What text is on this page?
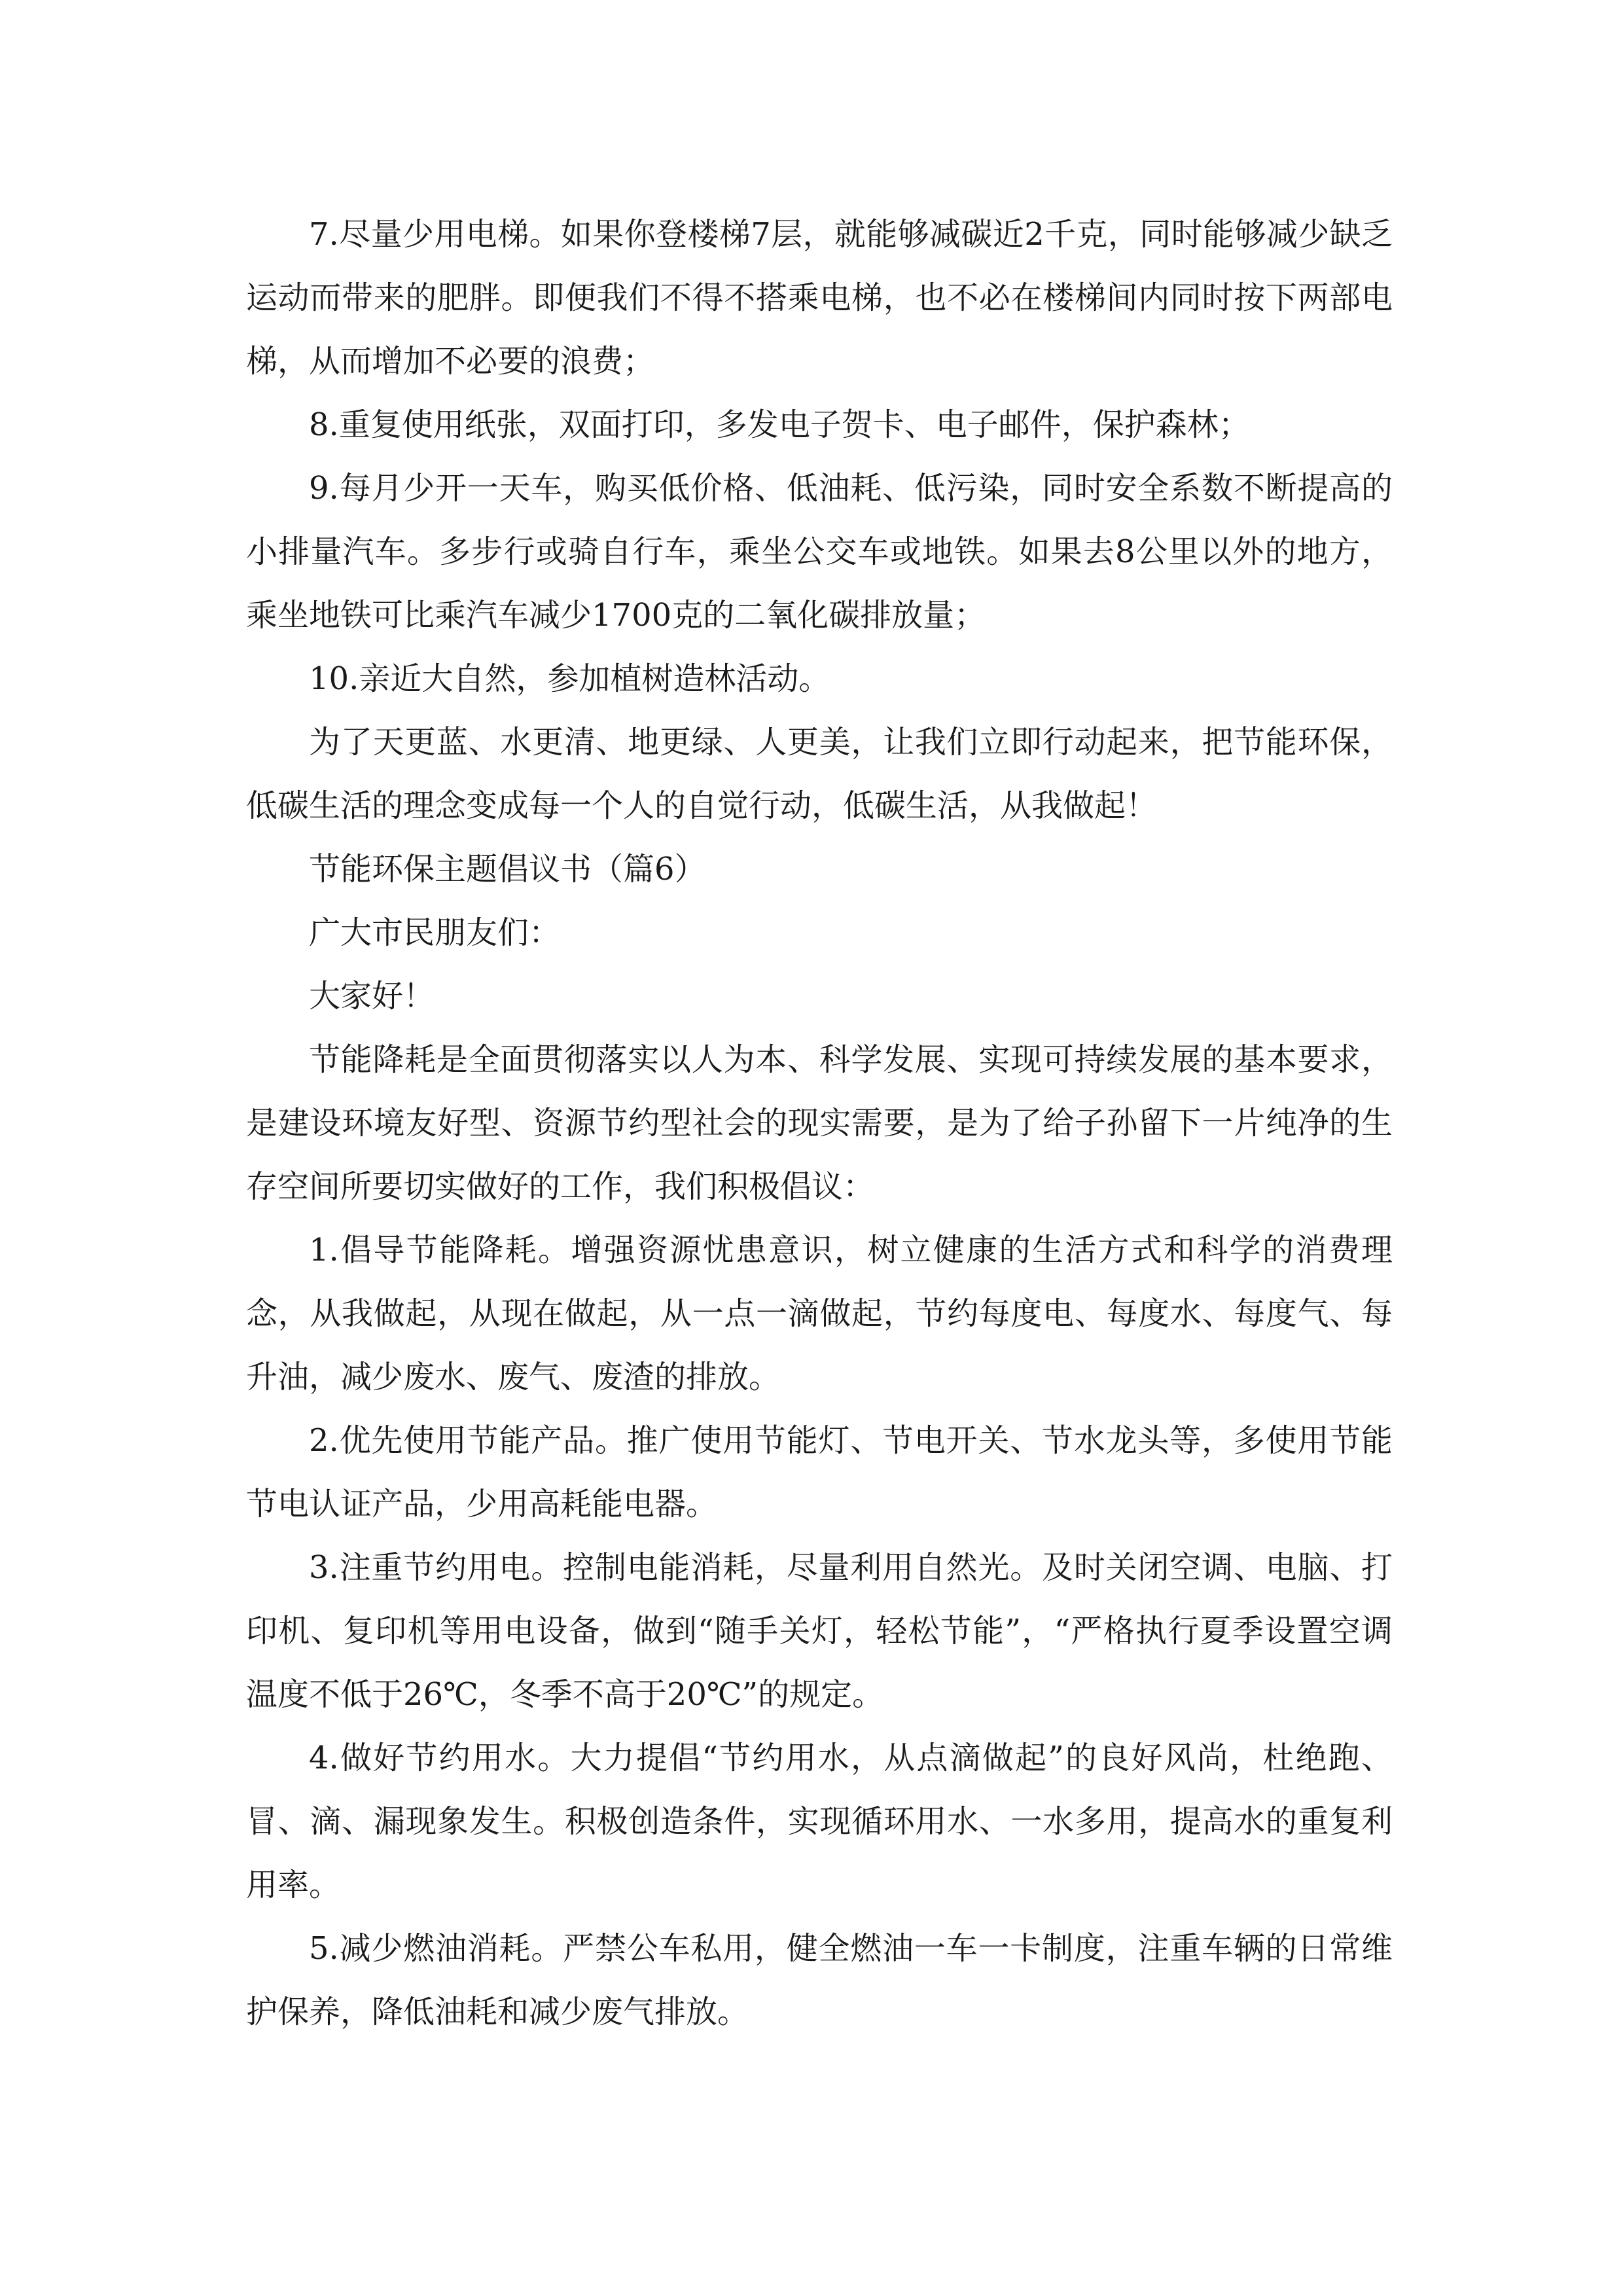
7.尽量少用电梯。如果你登楼梯7层，就能够减碳近2千克，同时能够减少缺乏运动而带来的肥胖。即便我们不得不搭乘电梯，也不必在楼梯间内同时按下两部电梯，从而增加不必要的浪费；

8.重复使用纸张，双面打印，多发电子贺卡、电子邮件，保护森林；

9.每月少开一天车，购买低价格、低油耗、低污染，同时安全系数不断提高的小排量汽车。多步行或骑自行车，乘坐公交车或地铁。如果去8公里以外的地方，乘坐地铁可比乘汽车减少1700克的二氧化碳排放量；

10.亲近大自然，参加植树造林活动。

为了天更蓝、水更清、地更绿、人更美，让我们立即行动起来，把节能环保，低碳生活的理念变成每一个人的自觉行动，低碳生活，从我做起！

节能环保主题倡议书（篇6）

广大市民朋友们：

大家好！

节能降耗是全面贯彻落实以人为本、科学发展、实现可持续发展的基本要求，是建设环境友好型、资源节约型社会的现实需要，是为了给子孙留下一片纯净的生存空间所要切实做好的工作，我们积极倡议：

1.倡导节能降耗。增强资源忧患意识，树立健康的生活方式和科学的消费理念，从我做起，从现在做起，从一点一滴做起，节约每度电、每度水、每度气、每升油，减少废水、废气、废渣的排放。

2.优先使用节能产品。推广使用节能灯、节电开关、节水龙头等，多使用节能节电认证产品，少用高耗能电器。

3.注重节约用电。控制电能消耗，尽量利用自然光。及时关闭空调、电脑、打印机、复印机等用电设备，做到“随手关灯，轻松节能”，“严格执行夏季设置空调温度不低于26℃，冬季不高于20℃”的规定。

4.做好节约用水。大力提倡“节约用水，从点滴做起”的良好风尚，杜绝跑、冒、滴、漏现象发生。积极创造条件，实现循环用水、一水多用，提高水的重复利用率。

5.减少燃油消耗。严禁公车私用，健全燃油一车一卡制度，注重车辆的日常维护保养，降低油耗和减少废气排放。
